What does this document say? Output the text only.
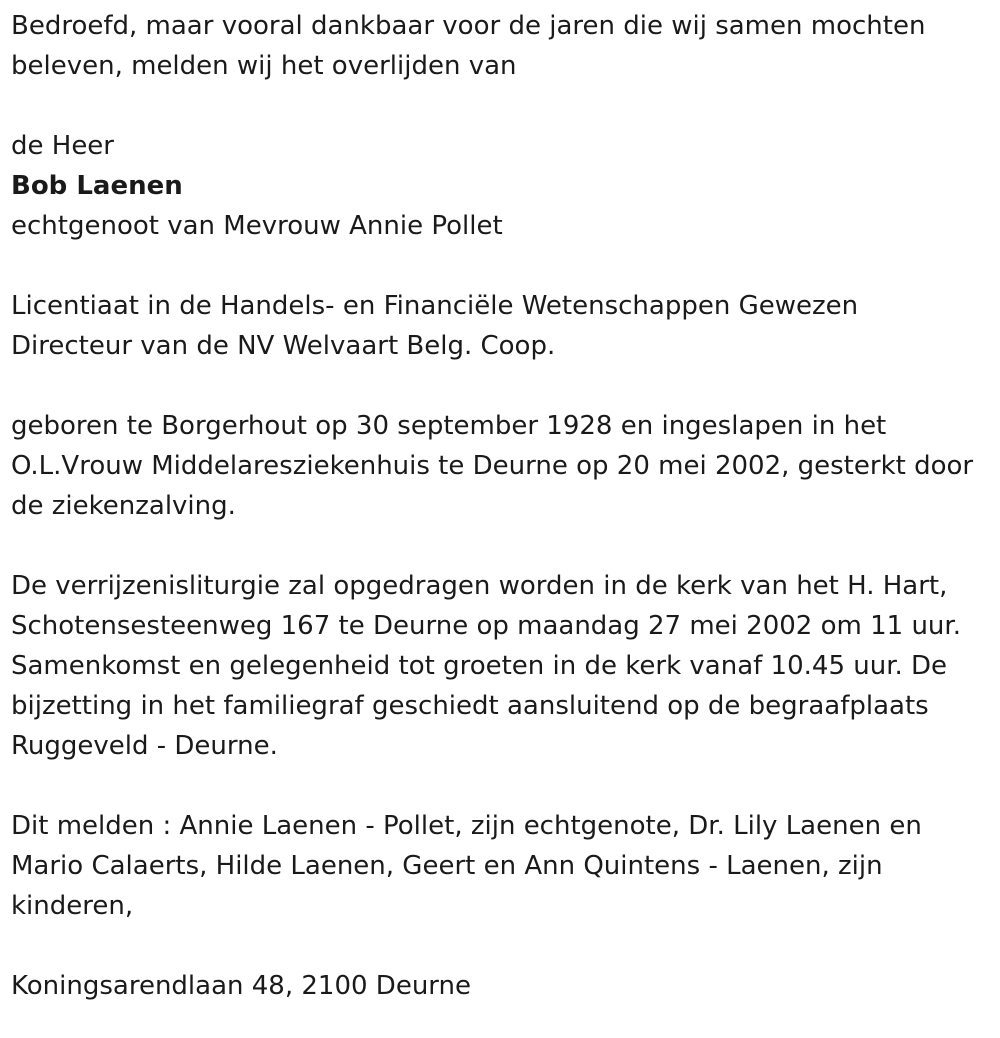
Bedroefd, maar vooral dankbaar voor de jaren die wij samen mochten beleven, melden wij het overlijden van

de Heer
Bob Laenen
echtgenoot van Mevrouw Annie Pollet

Licentiaat in de Handels- en Financiële Wetenschappen Gewezen Directeur van de NV Welvaart Belg. Coop.

geboren te Borgerhout op 30 september 1928 en ingeslapen in het O.L.Vrouw Middelaresziekenhuis te Deurne op 20 mei 2002, gesterkt door de ziekenzalving.

De verrijzenisliturgie zal opgedragen worden in de kerk van het H. Hart, Schotensesteenweg 167 te Deurne op maandag 27 mei 2002 om 11 uur. Samenkomst en gelegenheid tot groeten in de kerk vanaf 10.45 uur. De bijzetting in het familiegraf geschiedt aansluitend op de begraafplaats Ruggeveld - Deurne.

Dit melden : Annie Laenen - Pollet, zijn echtgenote, Dr. Lily Laenen en Mario Calaerts, Hilde Laenen, Geert en Ann Quintens - Laenen, zijn kinderen,

Koningsarendlaan 48, 2100 Deurne
